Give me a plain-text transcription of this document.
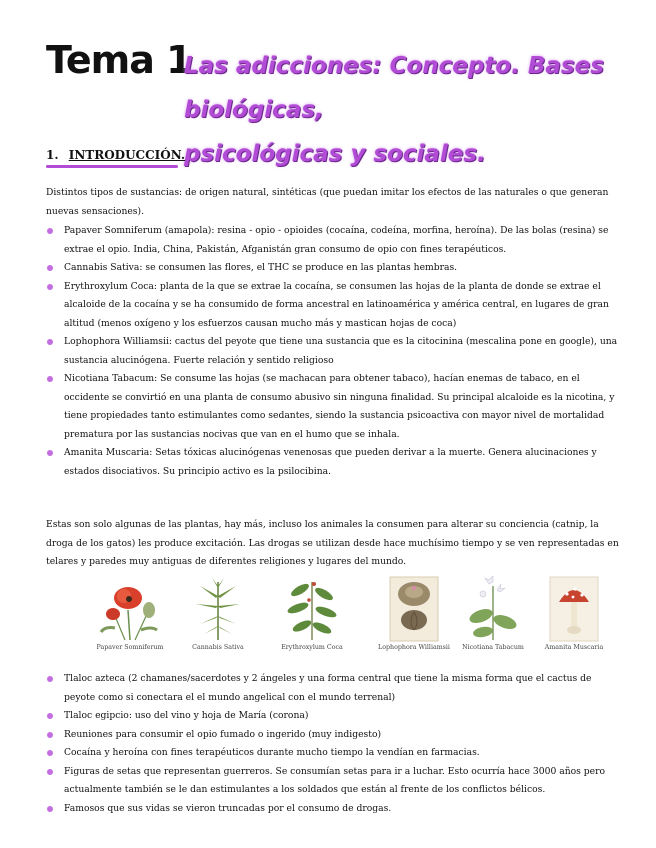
Tema 1
Las adicciones: Concepto. Bases biológicas,
psicológicas y sociales.
1. INTRODUCCIÓN.
Distintos tipos de sustancias: de origen natural, sintéticas (que puedan imitar los efectos de las naturales o que generan nuevas sensaciones).
Papaver Somniferum (amapola): resina - opio - opioides (cocaína, codeína, morfina, heroína). De las bolas (resina) se extrae el opio. India, China, Pakistán, Afganistán gran consumo de opio con fines terapéuticos.
Cannabis Sativa: se consumen las flores, el THC se produce en las plantas hembras.
Erythroxylum Coca: planta de la que se extrae la cocaína, se consumen las hojas de la planta de donde se extrae el alcaloide de la cocaína y se ha consumido de forma ancestral en latinoamérica y américa central, en lugares de gran altitud (menos oxígeno y los esfuerzos causan mucho más y mastican hojas de coca)
Lophophora Williamsii: cactus del peyote que tiene una sustancia que es la citocinina (mescalina pone en google), una sustancia alucinógena. Fuerte relación y sentido religioso
Nicotiana Tabacum: Se consume las hojas (se machacan para obtener tabaco), hacían enemas de tabaco, en el occidente se convirtió en una planta de consumo abusivo sin ninguna finalidad. Su principal alcaloide es la nicotina, y tiene propiedades tanto estimulantes como sedantes, siendo la sustancia psicoactiva con mayor nivel de mortalidad prematura por las sustancias nocivas que van en el humo que se inhala.
Amanita Muscaria: Setas tóxicas alucinógenas venenosas que pueden derivar a la muerte. Genera alucinaciones y estados disociativos. Su principio activo es la psilocibina.
Estas son solo algunas de las plantas, hay más, incluso los animales la consumen para alterar su conciencia (catnip, la droga de los gatos) les produce excitación. Las drogas se utilizan desde hace muchísimo tiempo y se ven representadas en telares y paredes muy antiguas de diferentes religiones y lugares del mundo.
Papaver Somniferum	Cannabis Sativa	Erythroxylum Coca	Lophophora Williamsii	Nicotiana Tabacum	Amanita Muscaria
Tlaloc azteca (2 chamanes/sacerdotes y 2 ángeles y una forma central que tiene la misma forma que el cactus de peyote como si conectara el el mundo angelical con el mundo terrenal)
Tlaloc egipcio: uso del vino y hoja de María (corona)
Reuniones para consumir el opio fumado o ingerido (muy indigesto)
Cocaína y heroína con fines terapéuticos durante mucho tiempo la vendían en farmacias.
Figuras de setas que representan guerreros. Se consumían setas para ir a luchar. Esto ocurría hace 3000 años pero actualmente también se le dan estimulantes a los soldados que están al frente de los conflictos bélicos.
Famosos que sus vidas se vieron truncadas por el consumo de drogas.
